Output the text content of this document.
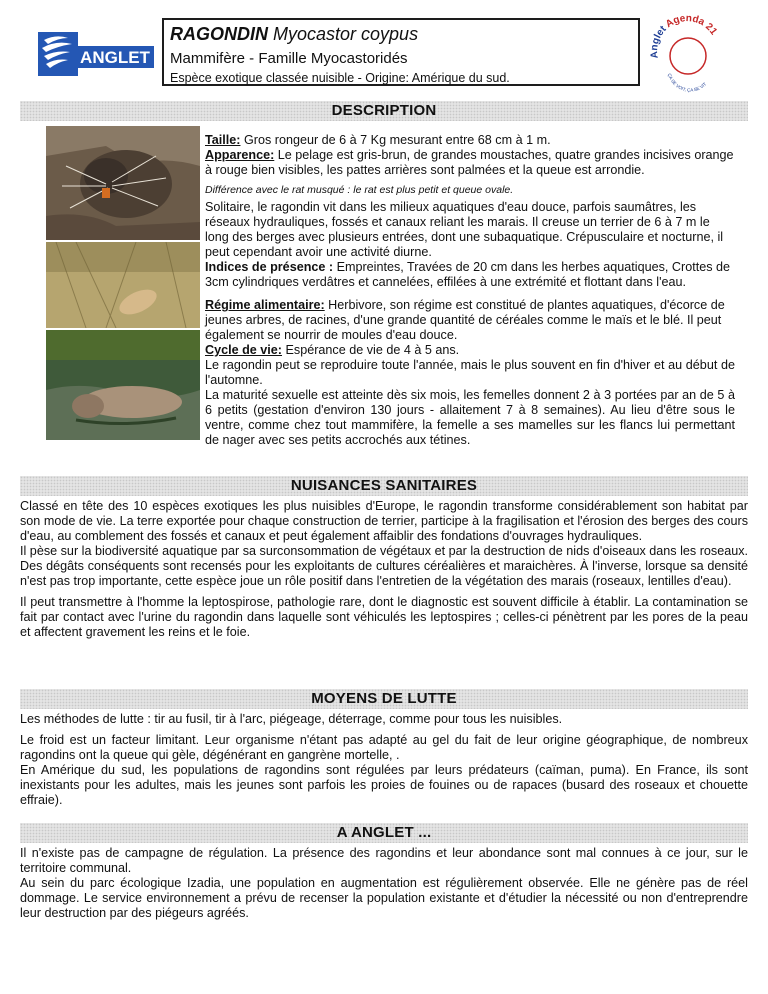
ANGLET
RAGONDIN Myocastor coypus
Mammifère - Famille Myocastoridés
Espèce exotique classée nuisible - Origine: Amérique du sud.
Anglet Agenda 21
ÇA SE VOIT, ÇA SE VIT
DESCRIPTION

Taille: Gros rongeur de 6 à 7 Kg mesurant entre 68 cm à 1 m.

Apparence: Le pelage est gris-brun, de grandes moustaches, quatre grandes incisives orange à rouge bien visibles, les pattes arrières sont palmées et la queue est arrondie.

Différence avec le rat musqué : le rat est plus petit et queue ovale.

Solitaire, le ragondin vit dans les milieux aquatiques d'eau douce, parfois saumâtres, les réseaux hydrauliques, fossés et canaux reliant les marais. Il creuse un terrier de 6 à 7 m le long des berges avec plusieurs entrées, dont une subaquatique. Crépusculaire et nocturne, il peut cependant avoir une activité diurne.

Indices de présence : Empreintes, Travées de 20 cm dans les herbes aquatiques, Crottes de 3cm cylindriques verdâtres et cannelées, effilées à une extrémité et flottant dans l'eau.

Régime alimentaire: Herbivore, son régime est constitué de plantes aquatiques, d'écorce de jeunes arbres, de racines, d'une grande quantité de céréales comme le maïs et le blé. Il peut également se nourrir de moules d'eau douce.

Cycle de vie: Espérance de vie de 4 à 5 ans.

Le ragondin peut se reproduire toute l'année, mais le plus souvent en fin d'hiver et au début de l'automne.

La maturité sexuelle est atteinte dès six mois, les femelles donnent 2 à 3 portées par an de 5 à 6 petits (gestation d'environ 130 jours - allaitement 7 à 8 semaines). Au lieu d'être sous le ventre, comme chez tout mammifère, la femelle a ses mamelles sur les flancs lui permettant de nager avec ses petits accrochés aux tétines.

NUISANCES SANITAIRES

Classé en tête des 10 espèces exotiques les plus nuisibles d'Europe, le ragondin transforme considérablement son habitat par son mode de vie. La terre exportée pour chaque construction de terrier, participe à la fragilisation et l'érosion des berges des cours d'eau, au comblement des fossés et canaux et peut également affaiblir des fondations d'ouvrages hydrauliques.

Il pèse sur la biodiversité aquatique par sa surconsommation de végétaux et par la destruction de nids d'oiseaux dans les roseaux. Des dégâts conséquents sont recensés pour les exploitants de cultures céréalières et maraichères. À l'inverse, lorsque sa densité n'est pas trop importante, cette espèce joue un rôle positif dans l'entretien de la végétation des marais (roseaux, lentilles d'eau).

Il peut transmettre à l'homme la leptospirose, pathologie rare, dont le diagnostic est souvent difficile à établir. La contamination se fait par contact avec l'urine du ragondin dans laquelle sont véhiculés les leptospires ; celles-ci pénètrent par les pores de la peau et affectent gravement les reins et le foie.

MOYENS DE LUTTE

Les méthodes de lutte : tir au fusil, tir à l'arc, piégeage, déterrage, comme pour tous les nuisibles.

Le froid est un facteur limitant. Leur organisme n'étant pas adapté au gel du fait de leur origine géographique, de nombreux ragondins ont la queue qui gèle, dégénérant en gangrène mortelle, .

En Amérique du sud, les populations de ragondins sont régulées par leurs prédateurs (caïman, puma). En France, ils sont inexistants pour les adultes, mais les jeunes sont parfois les proies de fouines ou de rapaces (busard des roseaux et chouette effraie).

A ANGLET ...

Il n'existe pas de campagne de régulation. La présence des ragondins et leur abondance sont mal connues à ce jour, sur le territoire communal.

Au sein du parc écologique Izadia, une population en augmentation est régulièrement observée. Elle ne génère pas de réel dommage. Le service environnement a prévu de recenser la population existante et d'étudier la nécessité ou non d'entreprendre leur destruction par des piégeurs agréés.
